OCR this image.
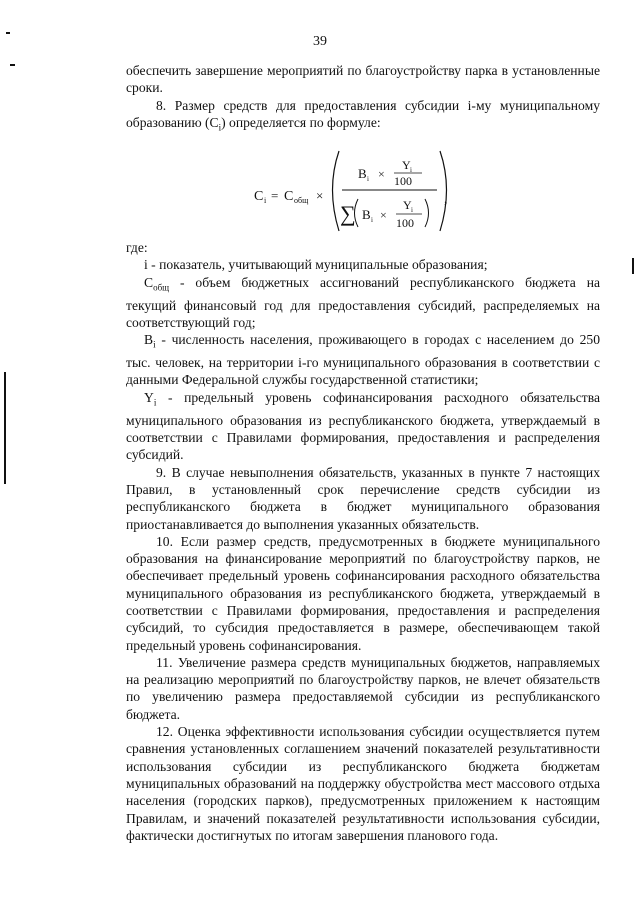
39

обеспечить завершение мероприятий по благоустройству парка в установленные сроки.

8. Размер средств для предоставления субсидии i-му муниципальному образованию $(C_i)$ определяется по формуле:

C i = C общ ×
B i ×
Y i
100
∑ B i ×
Y i
100
,

где:

i - показатель, учитывающий муниципальные образования;

$С_{общ}$ - объем бюджетных ассигнований республиканского бюджета на текущий финансовый год для предоставления субсидий, распределяемых на соответствующий год;

$B_i$ - численность населения, проживающего в городах с населением до 250 тыс. человек, на территории i-го муниципального образования в соответствии с данными Федеральной службы государственной статистики;

$Y_i$ - предельный уровень софинансирования расходного обязательства муниципального образования из республиканского бюджета, утверждаемый в соответствии с Правилами формирования, предоставления и распределения субсидий.

9. В случае невыполнения обязательств, указанных в пункте 7 настоящих Правил, в установленный срок перечисление средств субсидии из республиканского бюджета в бюджет муниципального образования приостанавливается до выполнения указанных обязательств.

10. Если размер средств, предусмотренных в бюджете муниципального образования на финансирование мероприятий по благоустройству парков, не обеспечивает предельный уровень софинансирования расходного обязательства муниципального образования из республиканского бюджета, утверждаемый в соответствии с Правилами формирования, предоставления и распределения субсидий, то субсидия предоставляется в размере, обеспечивающем такой предельный уровень софинансирования.

11. Увеличение размера средств муниципальных бюджетов, направляемых на реализацию мероприятий по благоустройству парков, не влечет обязательств по увеличению размера предоставляемой субсидии из республиканского бюджета.

12. Оценка эффективности использования субсидии осуществляется путем сравнения установленных соглашением значений показателей результативности использования субсидии из республиканского бюджета бюджетам муниципальных образований на поддержку обустройства мест массового отдыха населения (городских парков), предусмотренных приложением к настоящим Правилам, и значений показателей результативности использования субсидии, фактически достигнутых по итогам завершения планового года.
